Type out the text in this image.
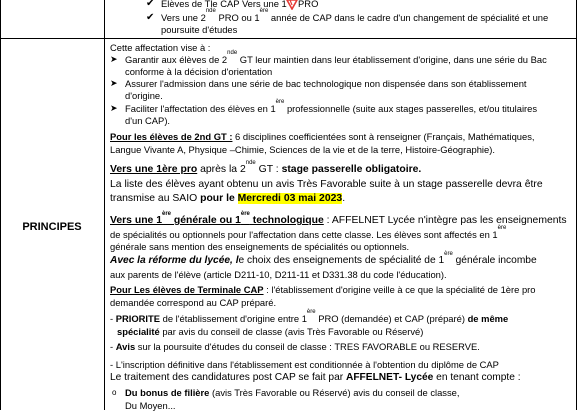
✔ Elèves de Tle CAP Vers une 1 PRO
✔ Vers une 2nde PRO ou 1ère année de CAP dans le cadre d'un changement de spécialité et une
poursuite d'études
PRINCIPES
Cette affectation vise à :
➤ Garantir aux élèves de 2nde GT leur maintien dans leur établissement d'origine, dans une série du Bac
conforme à la décision d'orientation
➤ Assurer l'admission dans une série de bac technologique non dispensée dans son établissement
d'origine.
➤ Faciliter l'affectation des élèves en 1ère professionnelle (suite aux stages passerelles, et/ou titulaires
d'un CAP).
Pour les élèves de 2nd GT : 6 disciplines coefficientées sont à renseigner (Français, Mathématiques,
Langue Vivante A, Physique –Chimie, Sciences de la vie et de la terre, Histoire-Géographie).
Vers une 1ère pro après la 2nde GT : stage passerelle obligatoire.
La liste des élèves ayant obtenu un avis Très Favorable suite à un stage passerelle devra être
transmise au SAIO pour le Mercredi 03 mai 2023.
Vers une 1ère générale ou 1ère technologique : AFFELNET Lycée n'intègre pas les enseignements
de spécialités ou optionnels pour l'affectation dans cette classe. Les élèves sont affectés en 1ère
générale sans mention des enseignements de spécialités ou optionnels.
Avec la réforme du lycée, le choix des enseignements de spécialité de 1ère générale incombe
aux parents de l'élève (article D211-10, D211-11 et D331.38 du code l'éducation).
Pour Les élèves de Terminale CAP : l'établissement d'origine veille à ce que la spécialité de 1ère pro
demandée correspond au CAP préparé.
- PRIORITE de l'établissement d'origine entre 1ère PRO (demandée) et CAP (préparé) de même
spécialité par avis du conseil de classe (avis Très Favorable ou Réservé)
- Avis sur la poursuite d'études du conseil de classe : TRES FAVORABLE ou RESERVE.
- L'inscription définitive dans l'établissement est conditionnée à l'obtention du diplôme de CAP
Le traitement des candidatures post CAP se fait par AFFELNET- Lycée en tenant compte :
o Du bonus de filière (avis Très Favorable ou Réservé) avis du conseil de classe,
Du Moyen...
